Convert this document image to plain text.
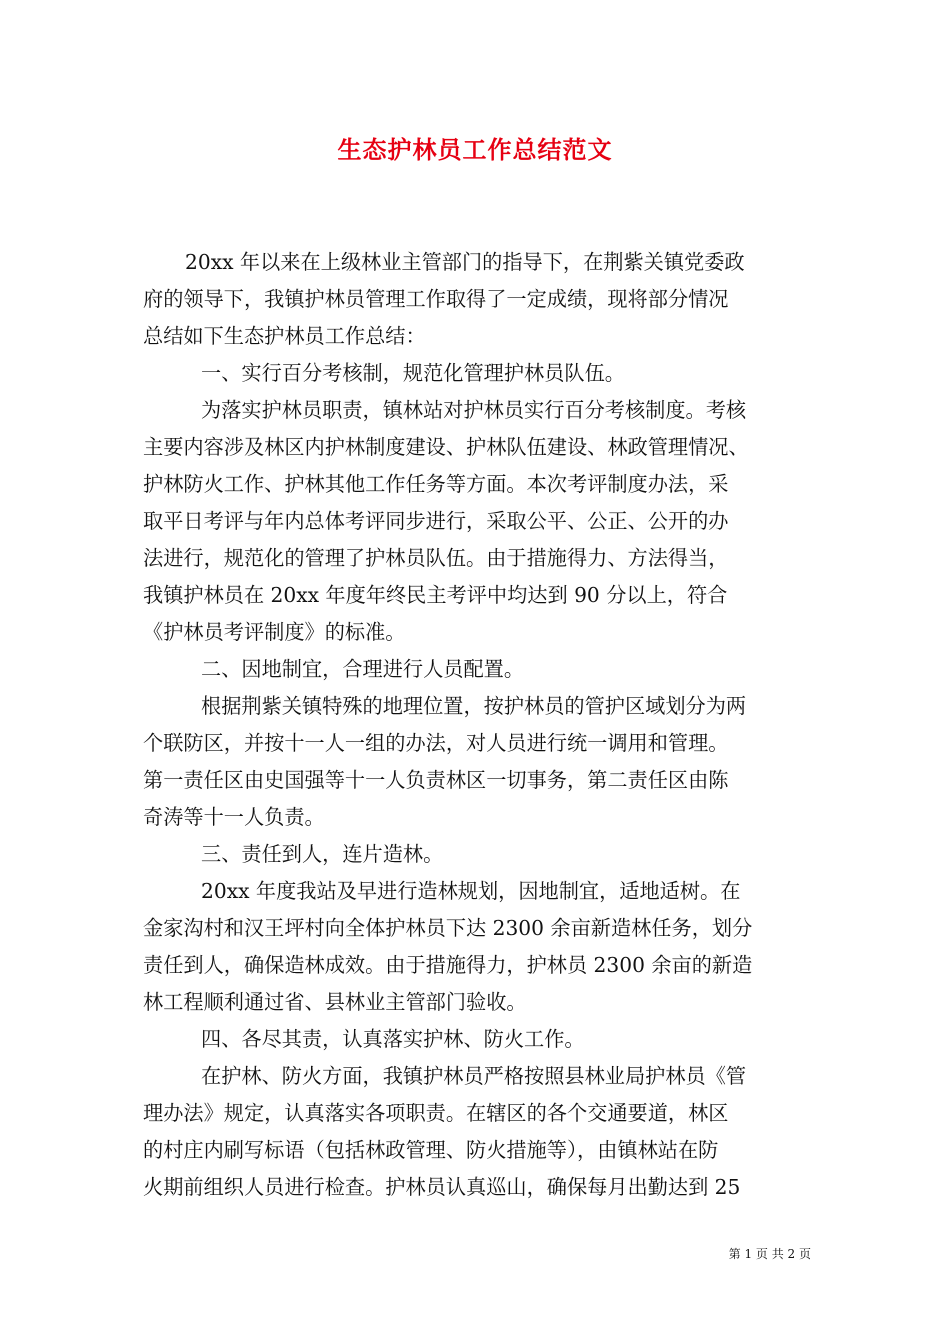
生态护林员工作总结范文
20xx 年以来在上级林业主管部门的指导下，在荆紫关镇党委政
府的领导下，我镇护林员管理工作取得了一定成绩，现将部分情况
总结如下生态护林员工作总结：
一、实行百分考核制，规范化管理护林员队伍。
为落实护林员职责，镇林站对护林员实行百分考核制度。考核
主要内容涉及林区内护林制度建设、护林队伍建设、林政管理情况、
护林防火工作、护林其他工作任务等方面。本次考评制度办法，采
取平日考评与年内总体考评同步进行，采取公平、公正、公开的办
法进行，规范化的管理了护林员队伍。由于措施得力、方法得当，
我镇护林员在 20xx 年度年终民主考评中均达到 90 分以上，符合
《护林员考评制度》的标准。
二、因地制宜，合理进行人员配置。
根据荆紫关镇特殊的地理位置，按护林员的管护区域划分为两
个联防区，并按十一人一组的办法，对人员进行统一调用和管理。
第一责任区由史国强等十一人负责林区一切事务，第二责任区由陈
奇涛等十一人负责。
三、责任到人，连片造林。
20xx 年度我站及早进行造林规划，因地制宜，适地适树。在
金家沟村和汉王坪村向全体护林员下达 2300 余亩新造林任务，划分
责任到人，确保造林成效。由于措施得力，护林员 2300 余亩的新造
林工程顺利通过省、县林业主管部门验收。
四、各尽其责，认真落实护林、防火工作。
在护林、防火方面，我镇护林员严格按照县林业局护林员《管
理办法》规定，认真落实各项职责。在辖区的各个交通要道，林区
的村庄内刷写标语（包括林政管理、防火措施等），由镇林站在防
火期前组织人员进行检查。护林员认真巡山，确保每月出勤达到 25
第 1 页 共 2 页
